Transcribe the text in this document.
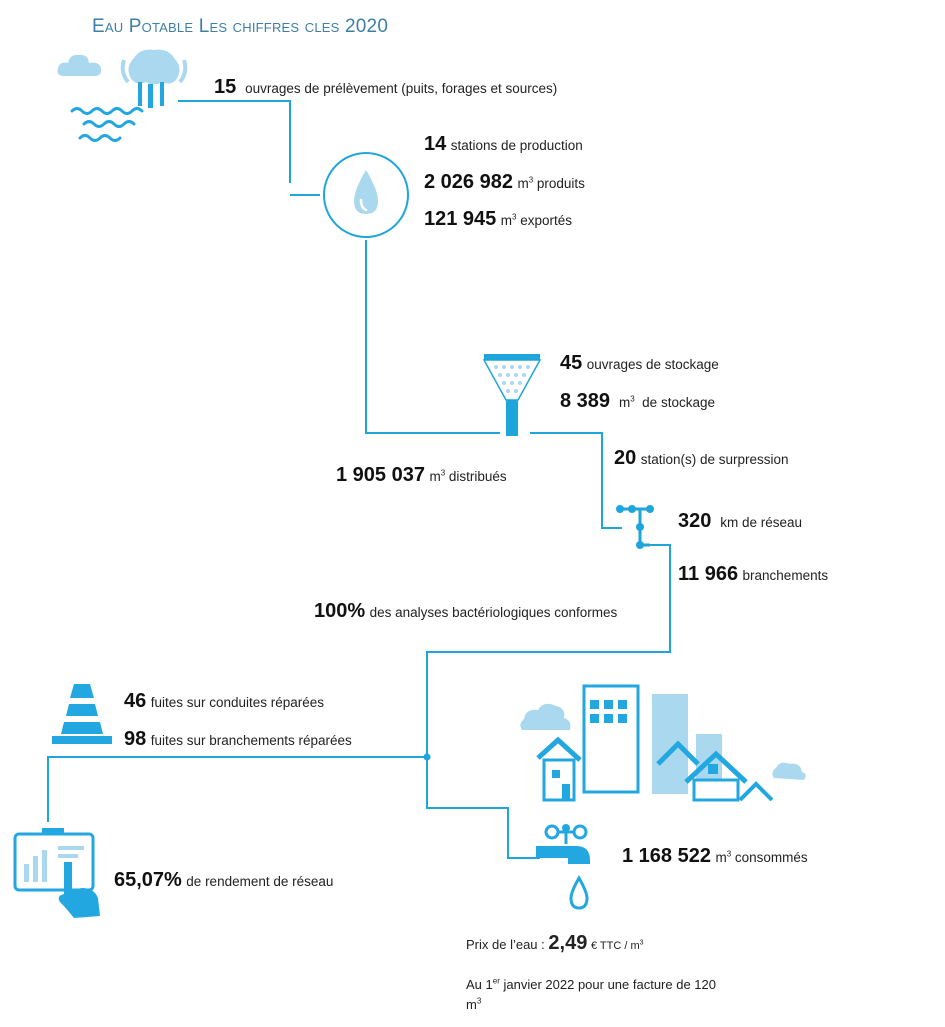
Eau Potable Les chiffres cles 2020
15 ouvrages de prélèvement (puits, forages et sources)
14 stations de production
2 026 982 $m^3$ produits
121 945 $m^3$ exportés
45 ouvrages de stockage
8 389 $m^3$ de stockage
20 station(s) de surpression
1 905 037 $m^3$ distribués
320 km de réseau
11 966 branchements
100% des analyses bactériologiques conformes
46 fuites sur conduites réparées
98 fuites sur branchements réparées
65,07% de rendement de réseau
1 168 522 $m^3$ consommés
Prix de l’eau : 2,49 € TTC / $m^3$
Au 1er janvier 2022 pour une facture de 120
$m^3$
